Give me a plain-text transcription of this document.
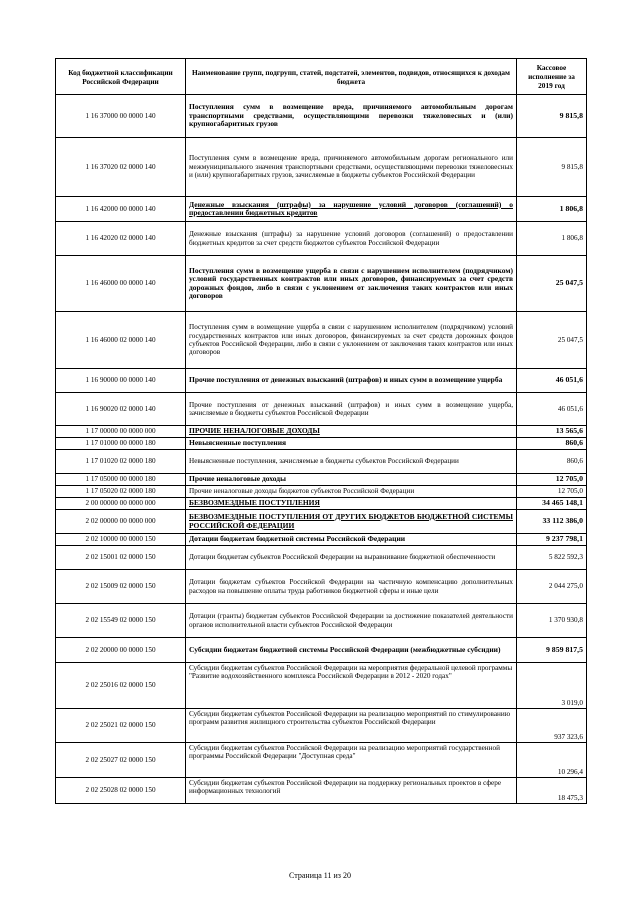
Код бюджетной классификации Российской Федерации	Наименование групп, подгрупп, статей, подстатей, элементов, подвидов, относящихся к доходам бюджета	Кассовое исполнение за 2019 год
1 16 37000 00 0000 140	Поступления сумм в возмещение вреда, причиняемого автомобильным дорогам транспортными средствами, осуществляющими перевозки тяжеловесных и (или) крупногабаритных грузов	9 815,8
1 16 37020 02 0000 140	Поступления сумм в возмещение вреда, причиняемого автомобильным дорогам регионального или межмуниципального значения транспортными средствами, осуществляющими перевозки тяжеловесных и (или) крупногабаритных грузов, зачисляемые в бюджеты субъектов Российской Федерации	9 815,8
1 16 42000 00 0000 140	Денежные взыскания (штрафы) за нарушение условий договоров (соглашений) о предоставлении бюджетных кредитов	1 806,8
1 16 42020 02 0000 140	Денежные взыскания (штрафы) за нарушение условий договоров (соглашений) о предоставлении бюджетных кредитов за счет средств бюджетов субъектов Российской Федерации	1 806,8
1 16 46000 00 0000 140	Поступления сумм в возмещение ущерба в связи с нарушением исполнителем (подрядчиком) условий государственных контрактов или иных договоров, финансируемых за счет средств дорожных фондов, либо в связи с уклонением от заключения таких контрактов или иных договоров	25 047,5
1 16 46000 02 0000 140	Поступления сумм в возмещение ущерба в связи с нарушением исполнителем (подрядчиком) условий государственных контрактов или иных договоров, финансируемых за счет средств дорожных фондов субъектов Российской Федерации, либо в связи с уклонением от заключения таких контрактов или иных договоров	25 047,5
1 16 90000 00 0000 140	Прочие поступления от денежных взысканий (штрафов) и иных сумм в возмещение ущерба	46 051,6
1 16 90020 02 0000 140	Прочие поступления от денежных взысканий (штрафов) и иных сумм в возмещение ущерба, зачисляемые в бюджеты субъектов Российской Федерации	46 051,6
1 17 00000 00 0000 000	ПРОЧИЕ НЕНАЛОГОВЫЕ ДОХОДЫ	13 565,6
1 17 01000 00 0000 180	Невыясненные поступления	860,6
1 17 01020 02 0000 180	Невыясненные поступления, зачисляемые в бюджеты субъектов Российской Федерации	860,6
1 17 05000 00 0000 180	Прочие неналоговые доходы	12 705,0
1 17 05020 02 0000 180	Прочие неналоговые доходы бюджетов субъектов Российской Федерации	12 705,0
2 00 00000 00 0000 000	БЕЗВОЗМЕЗДНЫЕ ПОСТУПЛЕНИЯ	34 465 148,1
2 02 00000 00 0000 000	БЕЗВОЗМЕЗДНЫЕ ПОСТУПЛЕНИЯ ОТ ДРУГИХ БЮДЖЕТОВ БЮДЖЕТНОЙ СИСТЕМЫ РОССИЙСКОЙ ФЕДЕРАЦИИ	33 112 386,0
2 02 10000 00 0000 150	Дотации бюджетам бюджетной системы Российской Федерации	9 237 798,1
2 02 15001 02 0000 150	Дотации бюджетам субъектов Российской Федерации на выравнивание бюджетной обеспеченности	5 822 592,3
2 02 15009 02 0000 150	Дотации бюджетам субъектов Российской Федерации на частичную компенсацию дополнительных расходов на повышение оплаты труда работников бюджетной сферы и иные цели	2 044 275,0
2 02 15549 02 0000 150	Дотации (гранты) бюджетам субъектов Российской Федерации за достижение показателей деятельности органов исполнительной власти субъектов Российской Федерации	1 370 930,8
2 02 20000 00 0000 150	Субсидии бюджетам бюджетной системы Российской Федерации (межбюджетные субсидии)	9 859 817,5
2 02 25016 02 0000 150	Субсидии бюджетам субъектов Российской Федерации на мероприятия федеральной целевой программы "Развитие водохозяйственного комплекса Российской Федерации в 2012 - 2020 годах"	3 019,0
2 02 25021 02 0000 150	Субсидии бюджетам субъектов Российской Федерации на реализацию мероприятий по стимулированию программ развития жилищного строительства субъектов Российской Федерации	937 323,6
2 02 25027 02 0000 150	Субсидии бюджетам субъектов Российской Федерации на реализацию мероприятий государственной программы Российской Федерации "Доступная среда"	10 296,4
2 02 25028 02 0000 150	Субсидии бюджетам субъектов Российской Федерации на поддержку региональных проектов в сфере информационных технологий	18 475,3
Страница 11 из 20
